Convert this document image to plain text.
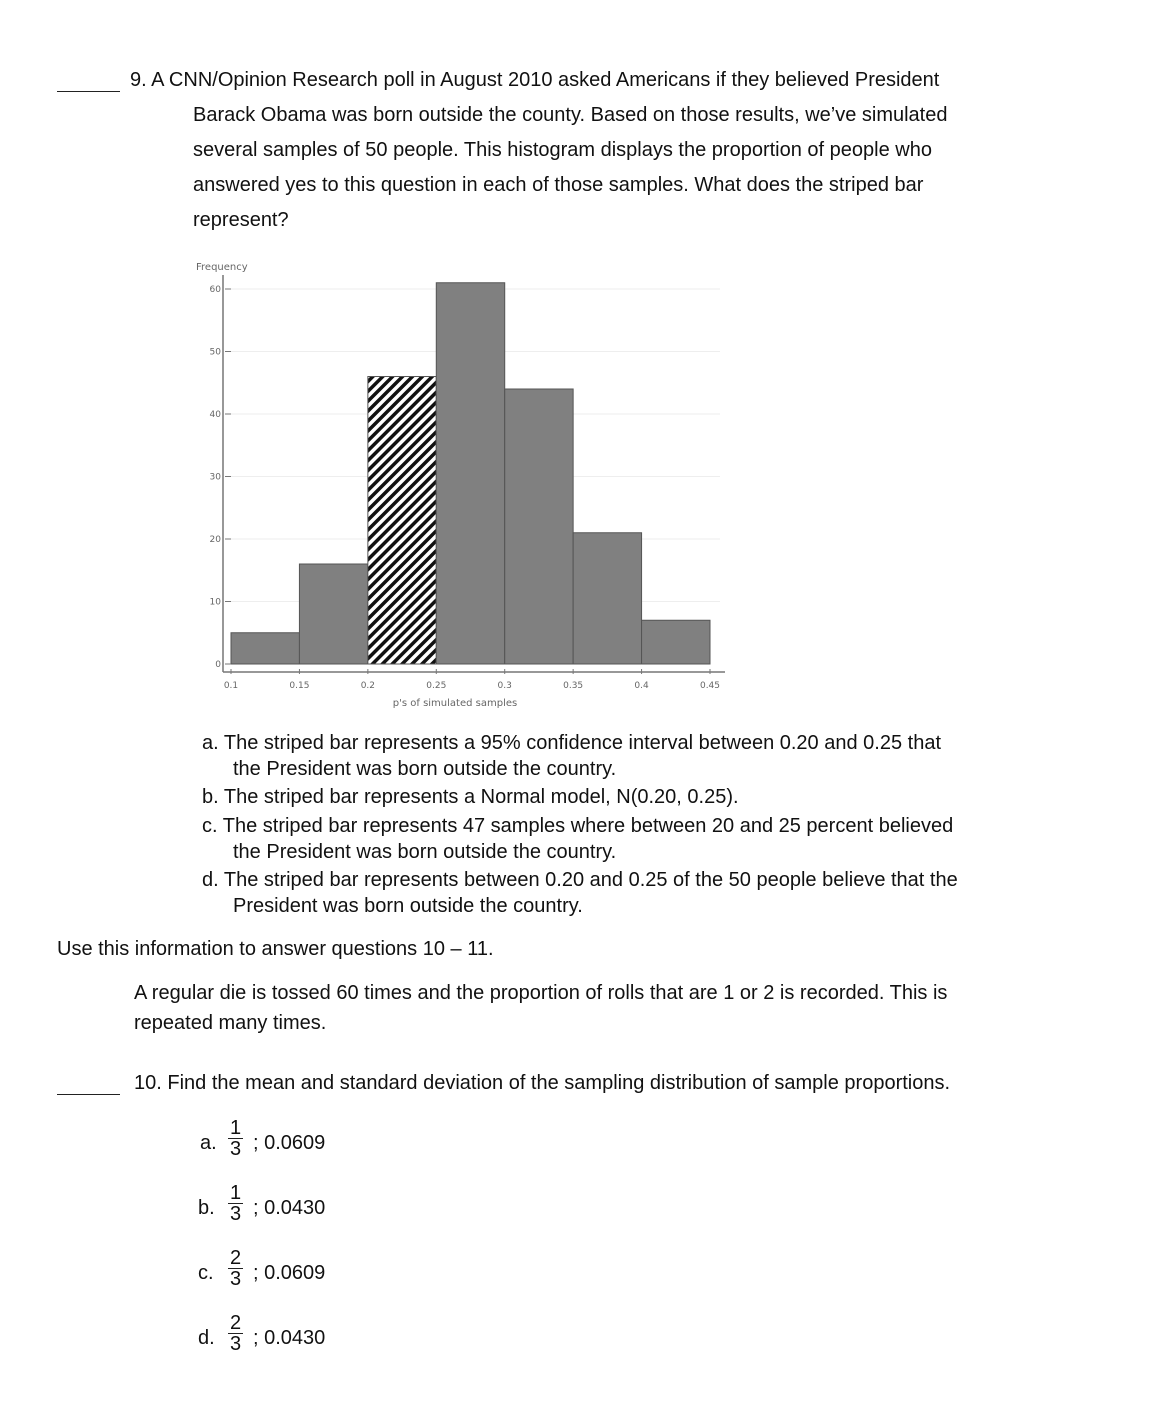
9. A CNN/Opinion Research poll in August 2010 asked Americans if they believed President
Barack Obama was born outside the county. Based on those results, we’ve simulated
several samples of 50 people. This histogram displays the proportion of people who
answered yes to this question in each of those samples. What does the striped bar
represent?
0
10
20
30
40
50
60
0.1	0.15	0.2	0.25	0.3	0.35	0.4	0.45
Frequency
p's of simulated samples
a. The striped bar represents a 95% confidence interval between 0.20 and 0.25 that
the President was born outside the country.
b. The striped bar represents a Normal model, N(0.20, 0.25).
c. The striped bar represents 47 samples where between 20 and 25 percent believed
the President was born outside the country.
d. The striped bar represents between 0.20 and 0.25 of the 50 people believe that the
President was born outside the country.
Use this information to answer questions 10 – 11.
A regular die is tossed 60 times and the proportion of rolls that are 1 or 2 is recorded. This is
repeated many times.
10. Find the mean and standard deviation of the sampling distribution of sample proportions.
a. $\frac{1}{3}$ ; 0.0609
b. $\frac{1}{3}$ ; 0.0430
c. $\frac{2}{3}$ ; 0.0609
d. $\frac{2}{3}$ ; 0.0430
